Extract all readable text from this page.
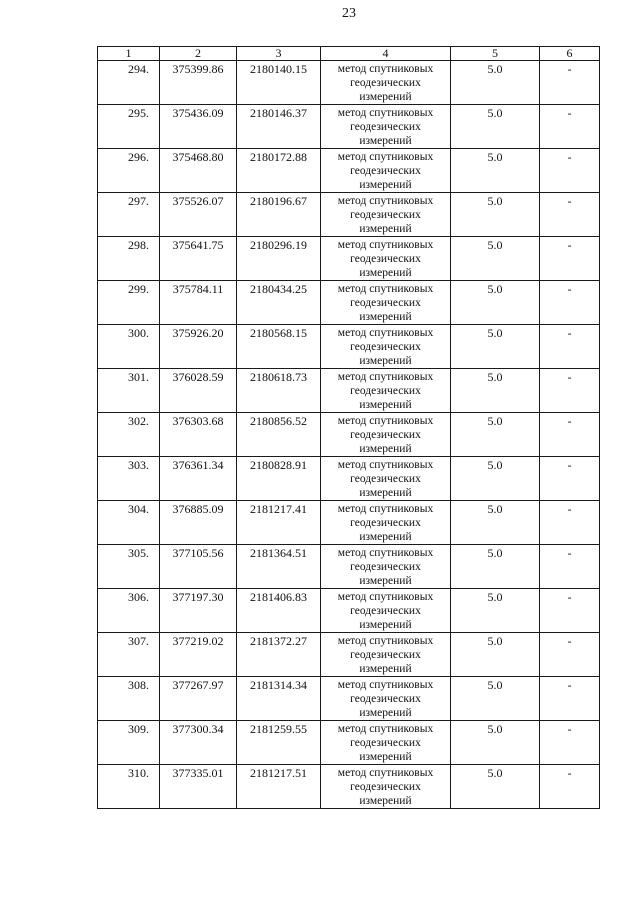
23
1	2	3	4	5	6
294.	375399.86	2180140.15	метод спутниковых
геодезических
измерений	5.0	-
295.	375436.09	2180146.37	метод спутниковых
геодезических
измерений	5.0	-
296.	375468.80	2180172.88	метод спутниковых
геодезических
измерений	5.0	-
297.	375526.07	2180196.67	метод спутниковых
геодезических
измерений	5.0	-
298.	375641.75	2180296.19	метод спутниковых
геодезических
измерений	5.0	-
299.	375784.11	2180434.25	метод спутниковых
геодезических
измерений	5.0	-
300.	375926.20	2180568.15	метод спутниковых
геодезических
измерений	5.0	-
301.	376028.59	2180618.73	метод спутниковых
геодезических
измерений	5.0	-
302.	376303.68	2180856.52	метод спутниковых
геодезических
измерений	5.0	-
303.	376361.34	2180828.91	метод спутниковых
геодезических
измерений	5.0	-
304.	376885.09	2181217.41	метод спутниковых
геодезических
измерений	5.0	-
305.	377105.56	2181364.51	метод спутниковых
геодезических
измерений	5.0	-
306.	377197.30	2181406.83	метод спутниковых
геодезических
измерений	5.0	-
307.	377219.02	2181372.27	метод спутниковых
геодезических
измерений	5.0	-
308.	377267.97	2181314.34	метод спутниковых
геодезических
измерений	5.0	-
309.	377300.34	2181259.55	метод спутниковых
геодезических
измерений	5.0	-
310.	377335.01	2181217.51	метод спутниковых
геодезических
измерений	5.0	-
